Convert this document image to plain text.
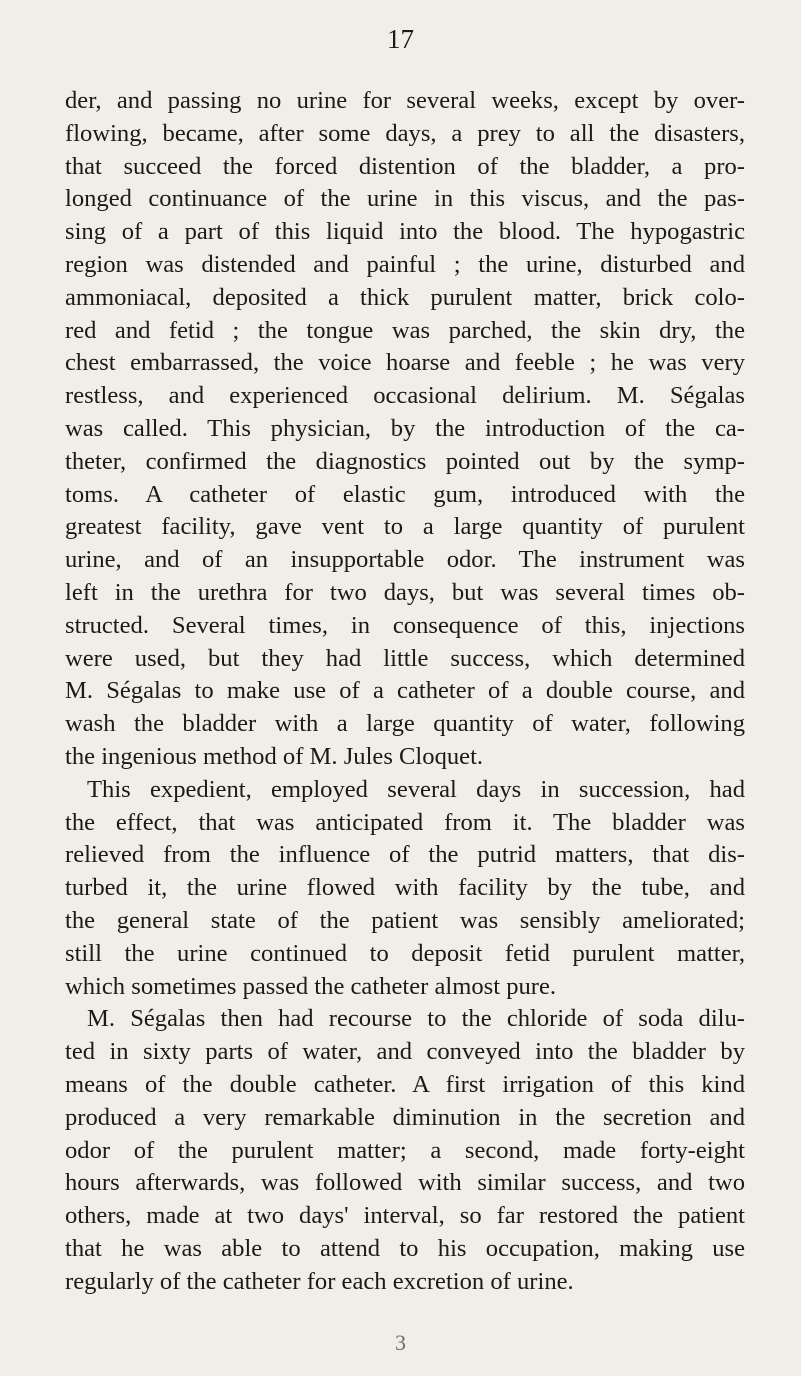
17
der, and passing no urine for several weeks, except by over-
flowing, became, after some days, a prey to all the disasters,
that succeed the forced distention of the bladder, a pro-
longed continuance of the urine in this viscus, and the pas-
sing of a part of this liquid into the blood. The hypogastric
region was distended and painful ; the urine, disturbed and
ammoniacal, deposited a thick purulent matter, brick colo-
red and fetid ; the tongue was parched, the skin dry, the
chest embarrassed, the voice hoarse and feeble ; he was very
restless, and experienced occasional delirium. M. Ségalas
was called. This physician, by the introduction of the ca-
theter, confirmed the diagnostics pointed out by the symp-
toms. A catheter of elastic gum, introduced with the
greatest facility, gave vent to a large quantity of purulent
urine, and of an insupportable odor. The instrument was
left in the urethra for two days, but was several times ob-
structed. Several times, in consequence of this, injections
were used, but they had little success, which determined
M. Ségalas to make use of a catheter of a double course, and
wash the bladder with a large quantity of water, following
the ingenious method of M. Jules Cloquet.
This expedient, employed several days in succession, had
the effect, that was anticipated from it. The bladder was
relieved from the influence of the putrid matters, that dis-
turbed it, the urine flowed with facility by the tube, and
the general state of the patient was sensibly ameliorated;
still the urine continued to deposit fetid purulent matter,
which sometimes passed the catheter almost pure.
M. Ségalas then had recourse to the chloride of soda dilu-
ted in sixty parts of water, and conveyed into the bladder by
means of the double catheter. A first irrigation of this kind
produced a very remarkable diminution in the secretion and
odor of the purulent matter; a second, made forty-eight
hours afterwards, was followed with similar success, and two
others, made at two days' interval, so far restored the patient
that he was able to attend to his occupation, making use
regularly of the catheter for each excretion of urine.
3
